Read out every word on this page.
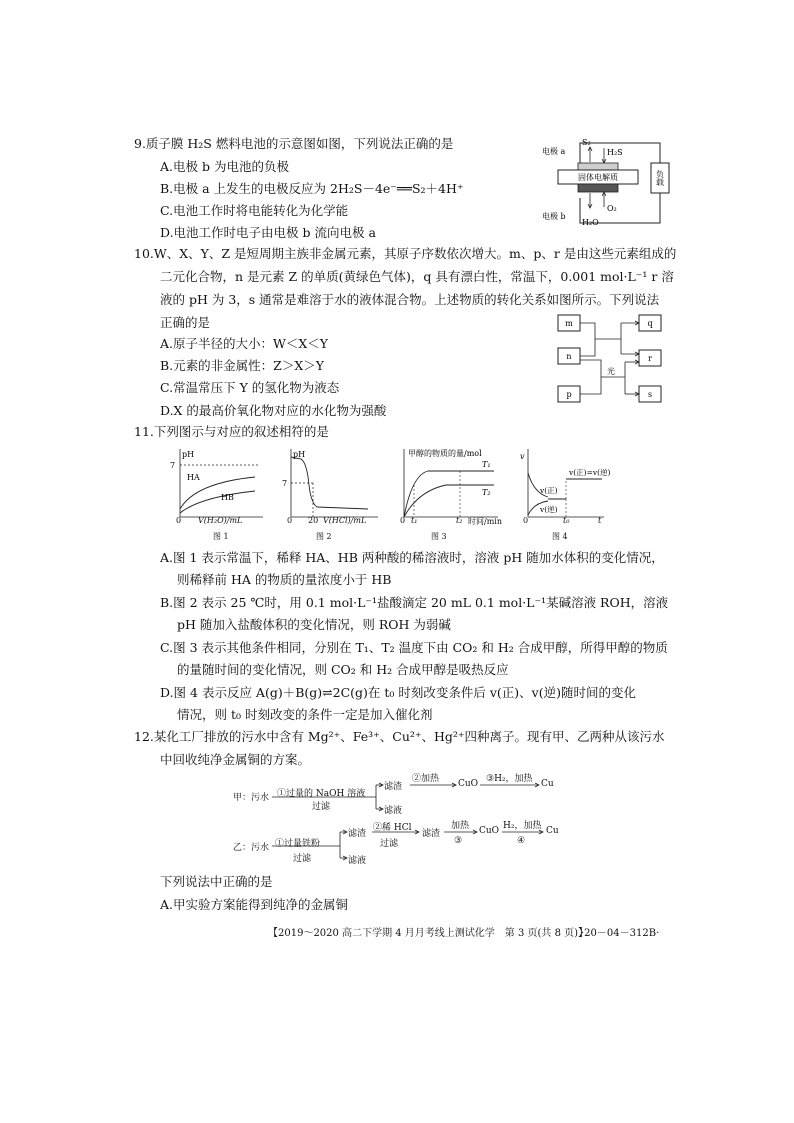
9.质子膜 H₂S 燃料电池的示意图如图，下列说法正确的是
A.电极 b 为电池的负极
B.电极 a 上发生的电极反应为 2H₂S－4e⁻══S₂＋4H⁺
C.电池工作时将电能转化为化学能
D.电池工作时电子由电极 b 流向电极 a
负载
固体电解质
S₂
H₂S
电极 a
电极 b
O₂
H₂O
10.W、X、Y、Z 是短周期主族非金属元素，其原子序数依次增大。m、p、r 是由这些元素组成的
二元化合物，n 是元素 Z 的单质(黄绿色气体)，q 具有漂白性，常温下，0.001 mol·L⁻¹ r 溶
液的 pH 为 3，s 通常是难溶于水的液体混合物。上述物质的转化关系如图所示。下列说法
正确的是
A.原子半径的大小：W＜X＜Y
B.元素的非金属性：Z＞X＞Y
C.常温常压下 Y 的氢化物为液态
D.X 的最高价氧化物对应的水化物为强酸
m
n
p
q
r
s
光
11.下列图示与对应的叙述相符的是
pH
7
HA
HB
0 V(H₂O)/mL
图 1
pH
7
0 20 V(HCl)/mL
图 2
甲醇的物质的量/mol
T₁
T₂
0 t₁	t₂ 时间/min
图 3
v
v(正)=v(逆)
v(正)
v(逆)
0	t₀	t
图 4
A.图 1 表示常温下，稀释 HA、HB 两种酸的稀溶液时，溶液 pH 随加水体积的变化情况，
则稀释前 HA 的物质的量浓度小于 HB
B.图 2 表示 25 ℃时，用 0.1 mol·L⁻¹盐酸滴定 20 mL 0.1 mol·L⁻¹某碱溶液 ROH，溶液
pH 随加入盐酸体积的变化情况，则 ROH 为弱碱
C.图 3 表示其他条件相同，分别在 T₁、T₂ 温度下由 CO₂ 和 H₂ 合成甲醇，所得甲醇的物质
的量随时间的变化情况，则 CO₂ 和 H₂ 合成甲醇是吸热反应
D.图 4 表示反应 A(g)＋B(g)⇌2C(g)在 t₀ 时刻改变条件后 v(正)、v(逆)随时间的变化
情况，则 t₀ 时刻改变的条件一定是加入催化剂
12.某化工厂排放的污水中含有 Mg²⁺、Fe³⁺、Cu²⁺、Hg²⁺四种离子。现有甲、乙两种从该污水
中回收纯净金属铜的方案。
甲：污水 ①过量的 NaOH 溶液
过滤
滤渣
②加热 CuO ③H₂，加热 Cu
滤液
乙：污水 ①过量铁粉
过滤
滤渣
②稀 HCl
过滤
滤渣
加热
③
CuO H₂，加热
④
Cu
滤液
下列说法中正确的是
A.甲实验方案能得到纯净的金属铜
【2019～2020 高二下学期 4 月月考线上测试化学　第 3 页(共 8 页)】
·20－04－312B·
